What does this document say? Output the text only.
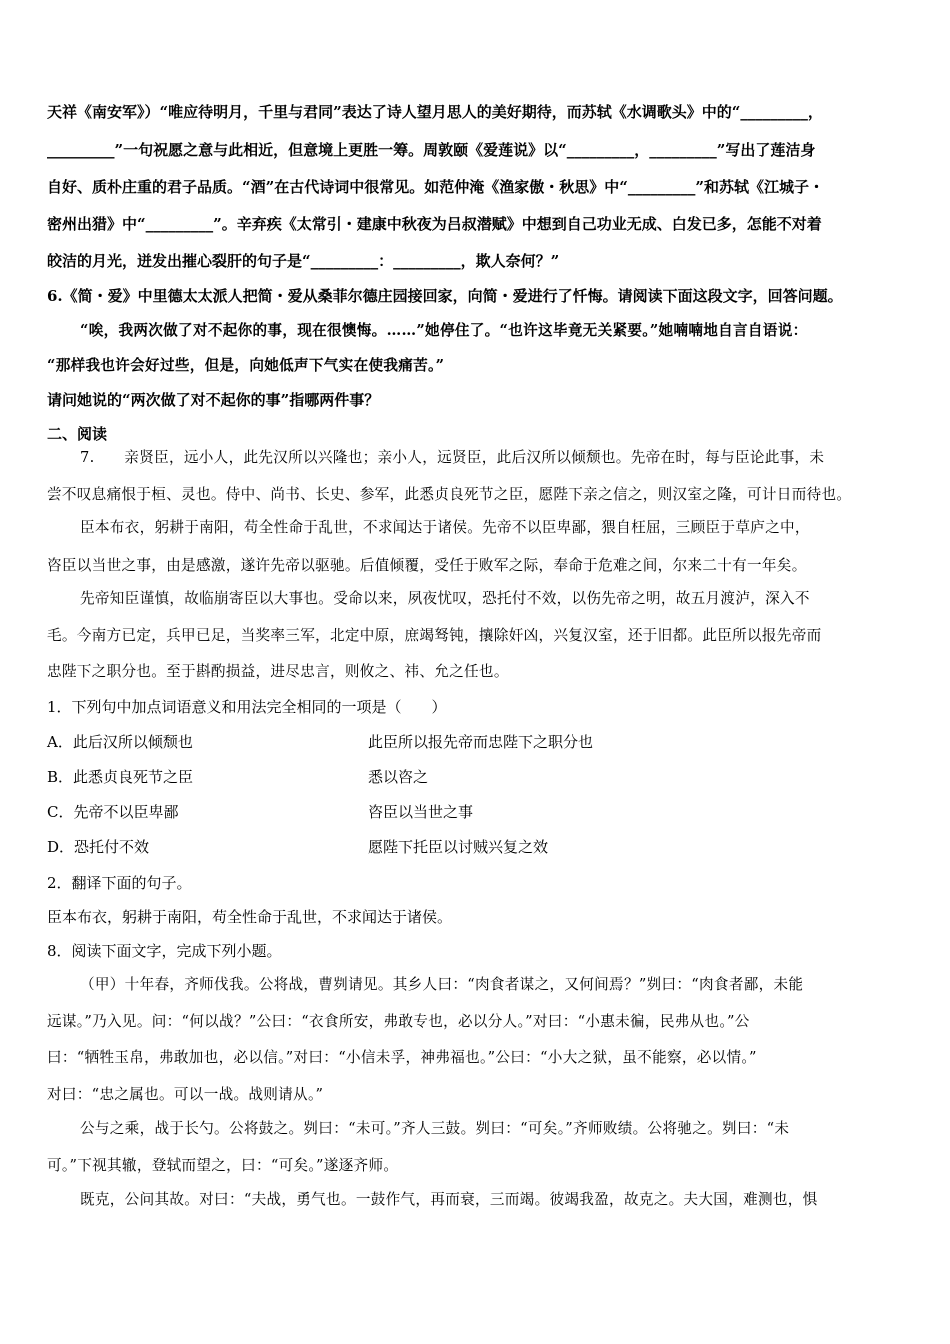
天祥《南安军》）“唯应待明月，千里与君同”表达了诗人望月思人的美好期待，而苏轼《水调歌头》中的“_________，
_________”一句祝愿之意与此相近，但意境上更胜一筹。周敦颐《爱莲说》以“_________，_________”写出了莲洁身
自好、质朴庄重的君子品质。“酒”在古代诗词中很常见。如范仲淹《渔家傲・秋思》中“_________”和苏轼《江城子・
密州出猎》中“_________”。辛弃疾《太常引・建康中秋夜为吕叔潜赋》中想到自己功业无成、白发已多，怎能不对着
皎洁的月光，迸发出摧心裂肝的句子是“_________：_________，欺人奈何？”
6.《简・爱》中里德太太派人把简・爱从桑菲尔德庄园接回家，向简・爱进行了忏悔。请阅读下面这段文字，回答问题。
“唉，我两次做了对不起你的事，现在很懊悔。……”她停住了。“也许这毕竟无关紧要。”她喃喃地自言自语说：
“那样我也许会好过些，但是，向她低声下气实在使我痛苦。”
请问她说的“两次做了对不起你的事”指哪两件事？
二、阅读
7.　　亲贤臣，远小人，此先汉所以兴隆也；亲小人，远贤臣，此后汉所以倾颓也。先帝在时，每与臣论此事，未
尝不叹息痛恨于桓、灵也。侍中、尚书、长史、参军，此悉贞良死节之臣，愿陛下亲之信之，则汉室之隆，可计日而待也。
臣本布衣，躬耕于南阳，苟全性命于乱世，不求闻达于诸侯。先帝不以臣卑鄙，猥自枉屈，三顾臣于草庐之中，
咨臣以当世之事，由是感激，遂许先帝以驱驰。后值倾覆，受任于败军之际，奉命于危难之间，尔来二十有一年矣。
先帝知臣谨慎，故临崩寄臣以大事也。受命以来，夙夜忧叹，恐托付不效，以伤先帝之明，故五月渡泸，深入不
毛。今南方已定，兵甲已足，当奖率三军，北定中原，庶竭驽钝，攘除奸凶，兴复汉室，还于旧都。此臣所以报先帝而
忠陛下之职分也。至于斟酌损益，进尽忠言，则攸之、祎、允之任也。
1．下列句中加点词语意义和用法完全相同的一项是（　　）
A．此后汉所以倾颓也	此臣所以报先帝而忠陛下之职分也
B．此悉贞良死节之臣	悉以咨之
C．先帝不以臣卑鄙	咨臣以当世之事
D．恐托付不效	愿陛下托臣以讨贼兴复之效
2．翻译下面的句子。
臣本布衣，躬耕于南阳，苟全性命于乱世，不求闻达于诸侯。
8．阅读下面文字，完成下列小题。
（甲）十年春，齐师伐我。公将战，曹刿请见。其乡人曰：“肉食者谋之，又何间焉？”刿曰：“肉食者鄙，未能
远谋。”乃入见。问：“何以战？”公曰：“衣食所安，弗敢专也，必以分人。”对曰：“小惠未徧，民弗从也。”公
曰：“牺牲玉帛，弗敢加也，必以信。”对曰：“小信未孚，神弗福也。”公曰：“小大之狱，虽不能察，必以情。”
对曰：“忠之属也。可以一战。战则请从。”
公与之乘，战于长勺。公将鼓之。刿曰：“未可。”齐人三鼓。刿曰：“可矣。”齐师败绩。公将驰之。刿曰：“未
可。”下视其辙，登轼而望之，曰：“可矣。”遂逐齐师。
既克，公问其故。对曰：“夫战，勇气也。一鼓作气，再而衰，三而竭。彼竭我盈，故克之。夫大国，难测也，惧
